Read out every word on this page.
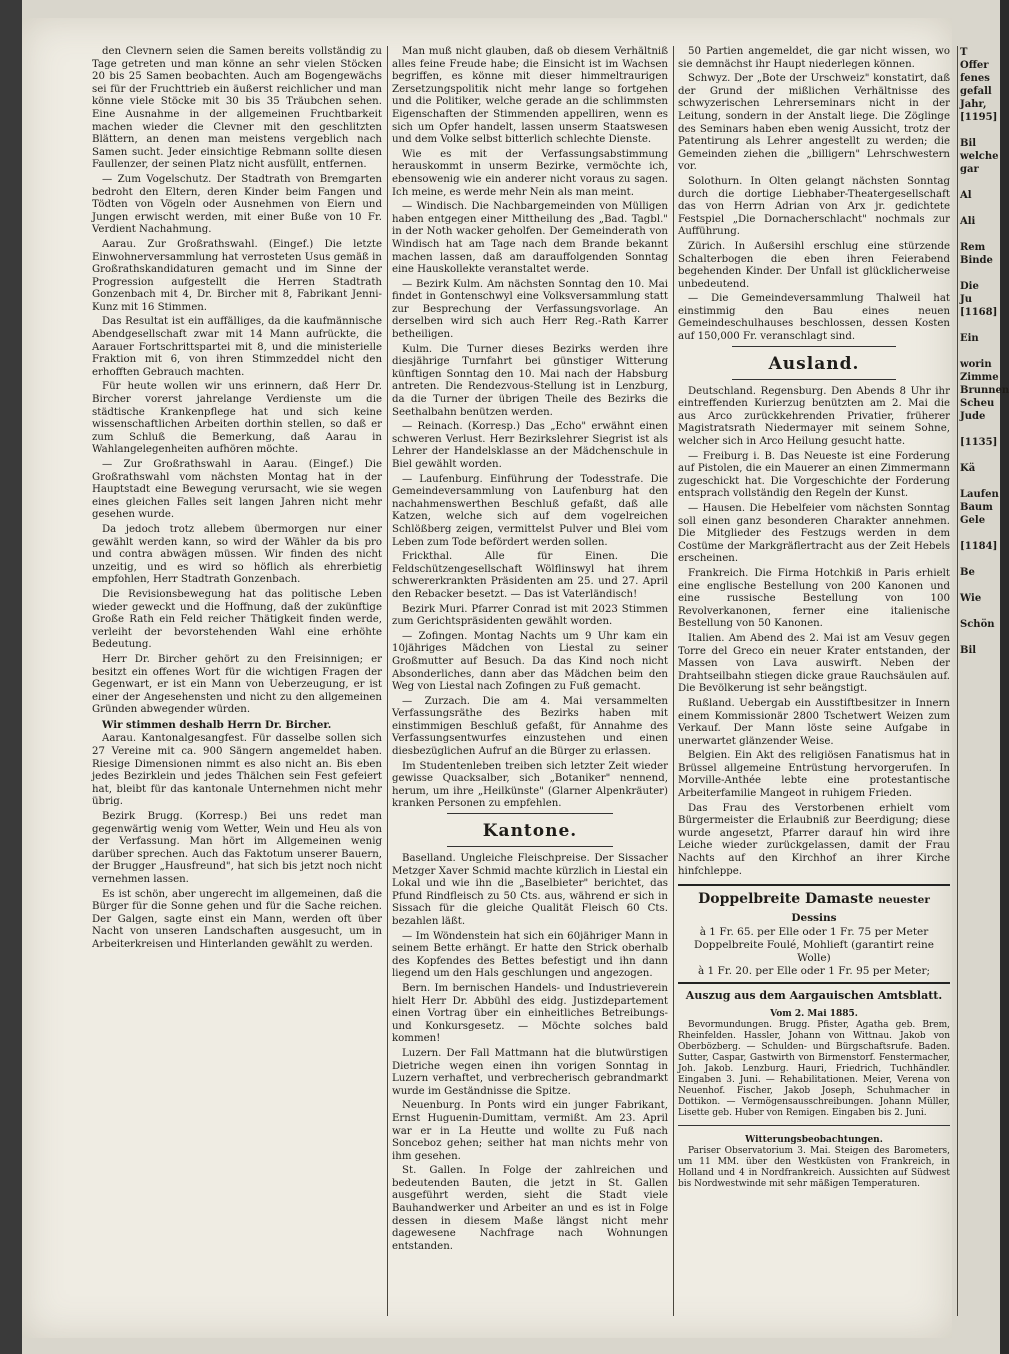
den Clevnern seien die Samen bereits vollständig zu Tage getreten und man könne an sehr vielen Stöcken 20 bis 25 Samen beobachten. Auch am Bogengewächs sei für der Fruchttrieb ein äußerst reichlicher und man könne viele Stöcke mit 30 bis 35 Träubchen sehen. Eine Ausnahme in der allgemeinen Fruchtbarkeit machen wieder die Clevner mit den geschlitzten Blättern, an denen man meistens vergeblich nach Samen sucht. Jeder einsichtige Rebmann sollte diesen Faullenzer, der seinen Platz nicht ausfüllt, entfernen.

— Zum Vogelschutz. Der Stadtrath von Bremgarten bedroht den Eltern, deren Kinder beim Fangen und Tödten von Vögeln oder Ausnehmen von Eiern und Jungen erwischt werden, mit einer Buße von 10 Fr. Verdient Nachahmung.

Aarau. Zur Großrathswahl. (Eingef.) Die letzte Einwohnerversammlung hat verrosteten Usus gemäß in Großrathskandidaturen gemacht und im Sinne der Progression aufgestellt die Herren Stadtrath Gonzenbach mit 4, Dr. Bircher mit 8, Fabrikant Jenni-Kunz mit 16 Stimmen.

Das Resultat ist ein auffälliges, da die kaufmännische Abendgesellschaft zwar mit 14 Mann aufrückte, die Aarauer Fortschrittspartei mit 8, und die ministerielle Fraktion mit 6, von ihren Stimmzeddel nicht den erhofften Gebrauch machten.

Für heute wollen wir uns erinnern, daß Herr Dr. Bircher vorerst jahrelange Verdienste um die städtische Krankenpflege hat und sich keine wissenschaftlichen Arbeiten dorthin stellen, so daß er zum Schluß die Bemerkung, daß Aarau in Wahlangelegenheiten aufhören möchte.

— Zur Großrathswahl in Aarau. (Eingef.) Die Großrathswahl vom nächsten Montag hat in der Hauptstadt eine Bewegung verursacht, wie sie wegen eines gleichen Falles seit langen Jahren nicht mehr gesehen wurde.

Da jedoch trotz allebem übermorgen nur einer gewählt werden kann, so wird der Wähler da bis pro und contra abwägen müssen. Wir finden des nicht unzeitig, und es wird so höflich als ehrerbietig empfohlen, Herr Stadtrath Gonzenbach.

Die Revisionsbewegung hat das politische Leben wieder geweckt und die Hoffnung, daß der zukünftige Große Rath ein Feld reicher Thätigkeit finden werde, verleiht der bevorstehenden Wahl eine erhöhte Bedeutung.

Herr Dr. Bircher gehört zu den Freisinnigen; er besitzt ein offenes Wort für die wichtigen Fragen der Gegenwart, er ist ein Mann von Ueberzeugung, er ist einer der Angesehensten und nicht zu den allgemeinen Gründen abwegender würden.

Wir stimmen deshalb Herrn Dr. Bircher.

Aarau. Kantonalgesangfest. Für dasselbe sollen sich 27 Vereine mit ca. 900 Sängern angemeldet haben. Riesige Dimensionen nimmt es also nicht an. Bis eben jedes Bezirklein und jedes Thälchen sein Fest gefeiert hat, bleibt für das kantonale Unternehmen nicht mehr übrig.

Bezirk Brugg. (Korresp.) Bei uns redet man gegenwärtig wenig vom Wetter, Wein und Heu als von der Verfassung. Man hört im Allgemeinen wenig darüber sprechen. Auch das Faktotum unserer Bauern, der Brugger „Hausfreund", hat sich bis jetzt noch nicht vernehmen lassen.

Es ist schön, aber ungerecht im allgemeinen, daß die Bürger für die Sonne gehen und für die Sache reichen. Der Galgen, sagte einst ein Mann, werden oft über Nacht von unseren Landschaften ausgesucht, um in Arbeiterkreisen und Hinterlanden gewählt zu werden.

Man muß nicht glauben, daß ob diesem Verhältniß alles feine Freude habe; die Einsicht ist im Wachsen begriffen, es könne mit dieser himmeltraurigen Zersetzungspolitik nicht mehr lange so fortgehen und die Politiker, welche gerade an die schlimmsten Eigenschaften der Stimmenden appelliren, wenn es sich um Opfer handelt, lassen unserm Staatswesen und dem Volke selbst bitterlich schlechte Dienste.

Wie es mit der Verfassungsabstimmung herauskommt in unserm Bezirke, vermöchte ich, ebensowenig wie ein anderer nicht voraus zu sagen. Ich meine, es werde mehr Nein als man meint.

— Windisch. Die Nachbargemeinden von Mülligen haben entgegen einer Mittheilung des „Bad. Tagbl." in der Noth wacker geholfen. Der Gemeinderath von Windisch hat am Tage nach dem Brande bekannt machen lassen, daß am darauffolgenden Sonntag eine Hauskollekte veranstaltet werde.

— Bezirk Kulm. Am nächsten Sonntag den 10. Mai findet in Gontenschwyl eine Volksversammlung statt zur Besprechung der Verfassungsvorlage. An derselben wird sich auch Herr Reg.-Rath Karrer betheiligen.

Kulm. Die Turner dieses Bezirks werden ihre diesjährige Turnfahrt bei günstiger Witterung künftigen Sonntag den 10. Mai nach der Habsburg antreten. Die Rendezvous-Stellung ist in Lenzburg, da die Turner der übrigen Theile des Bezirks die Seethalbahn benützen werden.

— Reinach. (Korresp.) Das „Echo" erwähnt einen schweren Verlust. Herr Bezirkslehrer Siegrist ist als Lehrer der Handelsklasse an der Mädchenschule in Biel gewählt worden.

— Laufenburg. Einführung der Todesstrafe. Die Gemeindeversammlung von Laufenburg hat den nachahmenswerthen Beschluß gefaßt, daß alle Katzen, welche sich auf dem vogelreichen Schlößberg zeigen, vermittelst Pulver und Blei vom Leben zum Tode befördert werden sollen.

Frickthal. Alle für Einen. Die Feldschützengesellschaft Wölflinswyl hat ihrem schwererkrankten Präsidenten am 25. und 27. April den Rebacker besetzt. — Das ist Vaterländisch!

Bezirk Muri. Pfarrer Conrad ist mit 2023 Stimmen zum Gerichtspräsidenten gewählt worden.

— Zofingen. Montag Nachts um 9 Uhr kam ein 10jähriges Mädchen von Liestal zu seiner Großmutter auf Besuch. Da das Kind noch nicht Absonderliches, dann aber das Mädchen beim den Weg von Liestal nach Zofingen zu Fuß gemacht.

— Zurzach. Die am 4. Mai versammelten Verfassungsräthe des Bezirks haben mit einstimmigen Beschluß gefaßt, für Annahme des Verfassungsentwurfes einzustehen und einen diesbezüglichen Aufruf an die Bürger zu erlassen.

Im Studentenleben treiben sich letzter Zeit wieder gewisse Quacksalber, sich „Botaniker" nennend, herum, um ihre „Heilkünste" (Glarner Alpenkräuter) kranken Personen zu empfehlen.

Kantone.

Baselland. Ungleiche Fleischpreise. Der Sissacher Metzger Xaver Schmid machte kürzlich in Liestal ein Lokal und wie ihn die „Baselbieter" berichtet, das Pfund Rindfleisch zu 50 Cts. aus, während er sich in Sissach für die gleiche Qualität Fleisch 60 Cts. bezahlen läßt.

— Im Wöndenstein hat sich ein 60jähriger Mann in seinem Bette erhängt. Er hatte den Strick oberhalb des Kopfendes des Bettes befestigt und ihn dann liegend um den Hals geschlungen und angezogen.

Bern. Im bernischen Handels- und Industrieverein hielt Herr Dr. Abbühl des eidg. Justizdepartement einen Vortrag über ein einheitliches Betreibungs- und Konkursgesetz. — Möchte solches bald kommen!

Luzern. Der Fall Mattmann hat die blutwürstigen Dietriche wegen einen ihn vorigen Sonntag in Luzern verhaftet, und verbrecherisch gebrandmarkt wurde im Geständnisse die Spitze.

Neuenburg. In Ponts wird ein junger Fabrikant, Ernst Huguenin-Dumittam, vermißt. Am 23. April war er in La Heutte und wollte zu Fuß nach Sonceboz gehen; seither hat man nichts mehr von ihm gesehen.

St. Gallen. In Folge der zahlreichen und bedeutenden Bauten, die jetzt in St. Gallen ausgeführt werden, sieht die Stadt viele Bauhandwerker und Arbeiter an und es ist in Folge dessen in diesem Maße längst nicht mehr dagewesene Nachfrage nach Wohnungen entstanden.

50 Partien angemeldet, die gar nicht wissen, wo sie demnächst ihr Haupt niederlegen können.

Schwyz. Der „Bote der Urschweiz" konstatirt, daß der Grund der mißlichen Verhältnisse des schwyzerischen Lehrerseminars nicht in der Leitung, sondern in der Anstalt liege. Die Zöglinge des Seminars haben eben wenig Aussicht, trotz der Patentirung als Lehrer angestellt zu werden; die Gemeinden ziehen die „billigern" Lehrschwestern vor.

Solothurn. In Olten gelangt nächsten Sonntag durch die dortige Liebhaber-Theatergesellschaft das von Herrn Adrian von Arx jr. gedichtete Festspiel „Die Dornacherschlacht" nochmals zur Aufführung.

Zürich. In Außersihl erschlug eine stürzende Schalterbogen die eben ihren Feierabend begehenden Kinder. Der Unfall ist glücklicherweise unbedeutend.

— Die Gemeindeversammlung Thalweil hat einstimmig den Bau eines neuen Gemeindeschulhauses beschlossen, dessen Kosten auf 150,000 Fr. veranschlagt sind.

Ausland.

Deutschland. Regensburg. Den Abends 8 Uhr ihr eintreffenden Kurierzug benützten am 2. Mai die aus Arco zurückkehrenden Privatier, früherer Magistratsrath Niedermayer mit seinem Sohne, welcher sich in Arco Heilung gesucht hatte.

— Freiburg i. B. Das Neueste ist eine Forderung auf Pistolen, die ein Mauerer an einen Zimmermann zugeschickt hat. Die Vorgeschichte der Forderung entsprach vollständig den Regeln der Kunst.

— Hausen. Die Hebelfeier vom nächsten Sonntag soll einen ganz besonderen Charakter annehmen. Die Mitglieder des Festzugs werden in dem Costüme der Markgräflertracht aus der Zeit Hebels erscheinen.

Frankreich. Die Firma Hotchkiß in Paris erhielt eine englische Bestellung von 200 Kanonen und eine russische Bestellung von 100 Revolverkanonen, ferner eine italienische Bestellung von 50 Kanonen.

Italien. Am Abend des 2. Mai ist am Vesuv gegen Torre del Greco ein neuer Krater entstanden, der Massen von Lava auswirft. Neben der Drahtseilbahn stiegen dicke graue Rauchsäulen auf. Die Bevölkerung ist sehr beängstigt.

Rußland. Uebergab ein Ausstiftbesitzer in Innern einem Kommissionär 2800 Tschetwert Weizen zum Verkauf. Der Mann löste seine Aufgabe in unerwartet glänzender Weise.

Belgien. Ein Akt des religiösen Fanatismus hat in Brüssel allgemeine Entrüstung hervorgerufen. In Morville-Anthée lebte eine protestantische Arbeiterfamilie Mangeot in ruhigem Frieden.

Das Frau des Verstorbenen erhielt vom Bürgermeister die Erlaubniß zur Beerdigung; diese wurde angesetzt, Pfarrer darauf hin wird ihre Leiche wieder zurückgelassen, damit der Frau Nachts auf den Kirchhof an ihrer Kirche hinfchleppe.

Doppelbreite Damaste neuester Dessins
à 1 Fr. 65. per Elle oder 1 Fr. 75 per Meter
Doppelbreite Foulé, Mohlieft (garantirt reine Wolle)
à 1 Fr. 20. per Elle oder 1 Fr. 95 per Meter;
Auszug aus dem Aargauischen Amtsblatt.
Vom 2. Mai 1885.

Bevormundungen. Brugg. Pfister, Agatha geb. Brem, Rheinfelden. Hassler, Johann von Wittnau. Jakob von Oberbözberg. — Schulden- und Bürgschaftsrufe. Baden. Sutter, Caspar, Gastwirth von Birmenstorf. Fenstermacher, Joh. Jakob. Lenzburg. Hauri, Friedrich, Tuchhändler. Eingaben 3. Juni. — Rehabilitationen. Meier, Verena von Neuenhof. Fischer, Jakob Joseph, Schuhmacher in Dottikon. — Vermögensausschreibungen. Johann Müller, Lisette geb. Huber von Remigen. Eingaben bis 2. Juni.

Witterungsbeobachtungen.

Pariser Observatorium 3. Mai. Steigen des Barometers, um 11 MM. über den Westküsten von Frankreich, in Holland und 4 in Nordfrankreich. Aussichten auf Südwest bis Nordwestwinde mit sehr mäßigen Temperaturen.

T
Offer
fenes
gefall
Jahr,
[1195]

Bil
welche
gar

Al

Ali

Rem
Binde

Die
Ju
[1168]

Ein

worin
Zimme
Brunnen
Scheu
Jude

[1135]

Kä

Laufen
Baum
Gele

[1184]

Be

Wie

Schön

Bil
